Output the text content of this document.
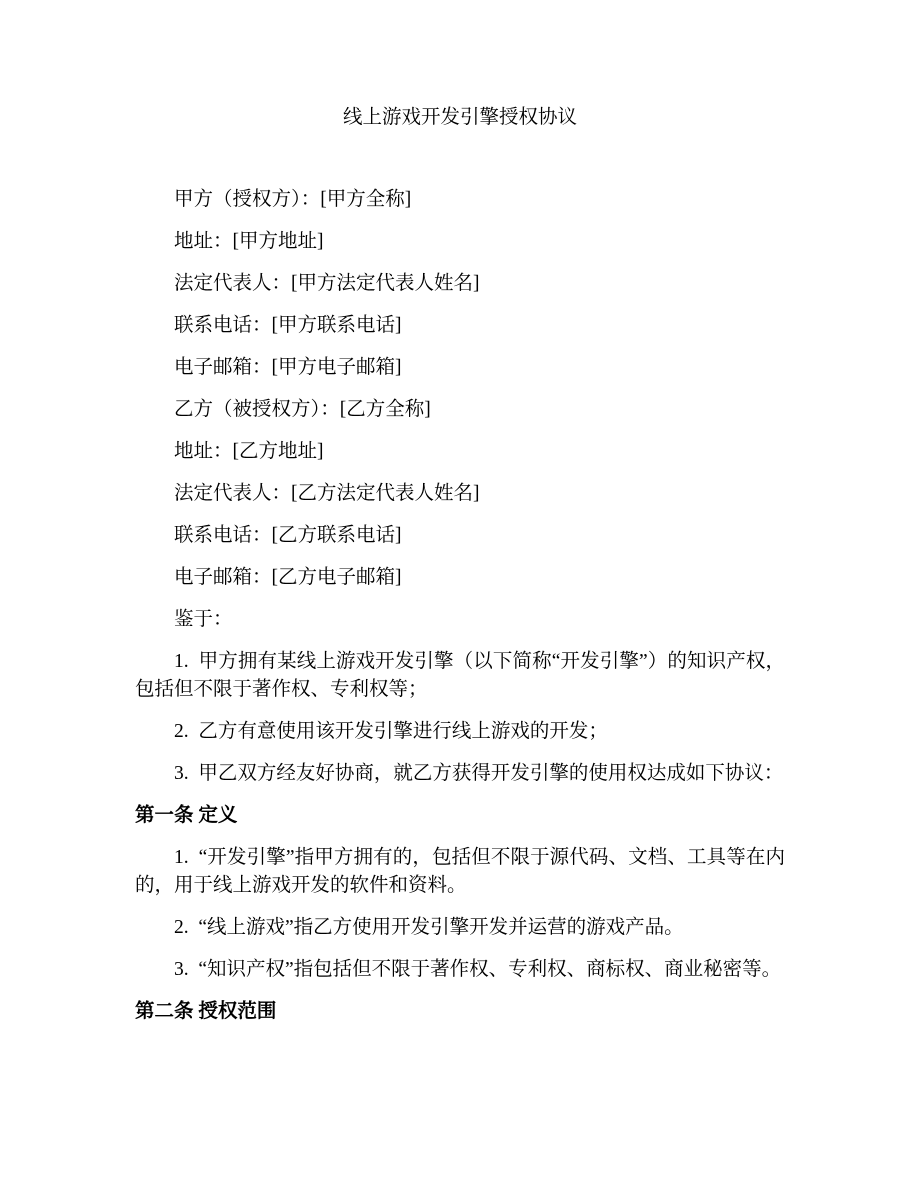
线上游戏开发引擎授权协议

甲方（授权方）：[甲方全称]

地址：[甲方地址]

法定代表人：[甲方法定代表人姓名]

联系电话：[甲方联系电话]

电子邮箱：[甲方电子邮箱]

乙方（被授权方）：[乙方全称]

地址：[乙方地址]

法定代表人：[乙方法定代表人姓名]

联系电话：[乙方联系电话]

电子邮箱：[乙方电子邮箱]

鉴于：

1.  甲方拥有某线上游戏开发引擎（以下简称“开发引擎”）的知识产权，包括但不限于著作权、专利权等；

2.  乙方有意使用该开发引擎进行线上游戏的开发；

3.  甲乙双方经友好协商，就乙方获得开发引擎的使用权达成如下协议：

第一条 定义

1.  “开发引擎”指甲方拥有的，包括但不限于源代码、文档、工具等在内的，用于线上游戏开发的软件和资料。

2.  “线上游戏”指乙方使用开发引擎开发并运营的游戏产品。

3.  “知识产权”指包括但不限于著作权、专利权、商标权、商业秘密等。

第二条 授权范围
